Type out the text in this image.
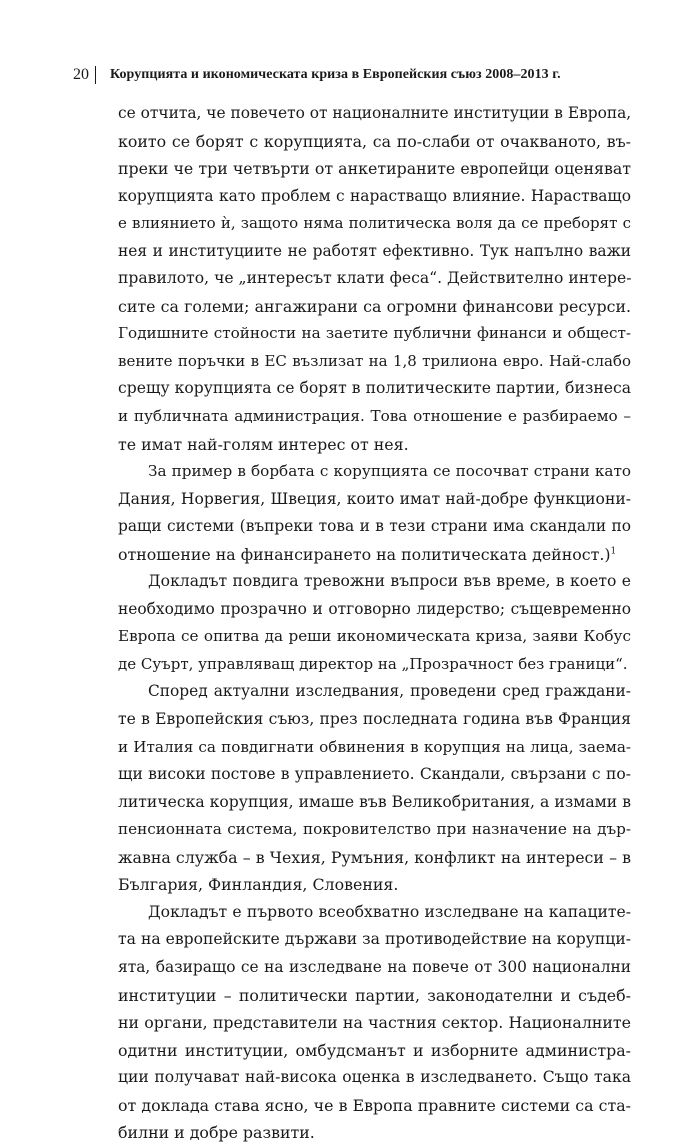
20	Корупцията и икономическата криза в Европейския съюз 2008–2013 г.
се отчита, че повечето от националните институции в Европа,
които се борят с корупцията, са по-слаби от очакваното, въ-
преки че три четвърти от анкетираните европейци оценяват
корупцията като проблем с нарастващо влияние. Нарастващо
е влиянието ѝ, защото няма политическа воля да се преборят с
нея и институциите не работят ефективно. Тук напълно важи
правилото, че „интересът клати феса“. Действително интере-
сите са големи; ангажирани са огромни финансови ресурси.
Годишните стойности на заетите публични финанси и общест-
вените поръчки в ЕС възлизат на 1,8 трилиона евро. Най-слабо
срещу корупцията се борят в политическите партии, бизнеса
и публичната администрация. Това отношение е разбираемо –
те имат най-голям интерес от нея.
За пример в борбата с корупцията се посочват страни като
Дания, Норвегия, Швеция, които имат най-добре функциони-
ращи системи (въпреки това и в тези страни има скандали по
отношение на финансирането на политическата дейност.)$^1$
Докладът повдига тревожни въпроси във време, в което е
необходимо прозрачно и отговорно лидерство; същевременно
Европа се опитва да реши икономическата криза, заяви Кобус
де Суърт, управляващ директор на „Прозрачност без граници“.
Според актуални изследвания, проведени сред граждани-
те в Европейския съюз, през последната година във Франция
и Италия са повдигнати обвинения в корупция на лица, заема-
щи високи постове в управлението. Скандали, свързани с по-
литическа корупция, имаше във Великобритания, а измами в
пенсионната система, покровителство при назначение на дър-
жавна служба – в Чехия, Румъния, конфликт на интереси – в
България, Финландия, Словения.
Докладът е първото всеобхватно изследване на капацитe-
та на европейските държави за противодействие на корупци-
ята, базиращо се на изследване на повече от 300 национални
институции – политически партии, законодателни и съдеб-
ни органи, представители на частния сектор. Националните
одитни институции, омбудсманът и изборните администра-
ции получават най-висока оценка в изследването. Също така
от доклада става ясно, че в Европа правните системи са ста-
билни и добре развити.
